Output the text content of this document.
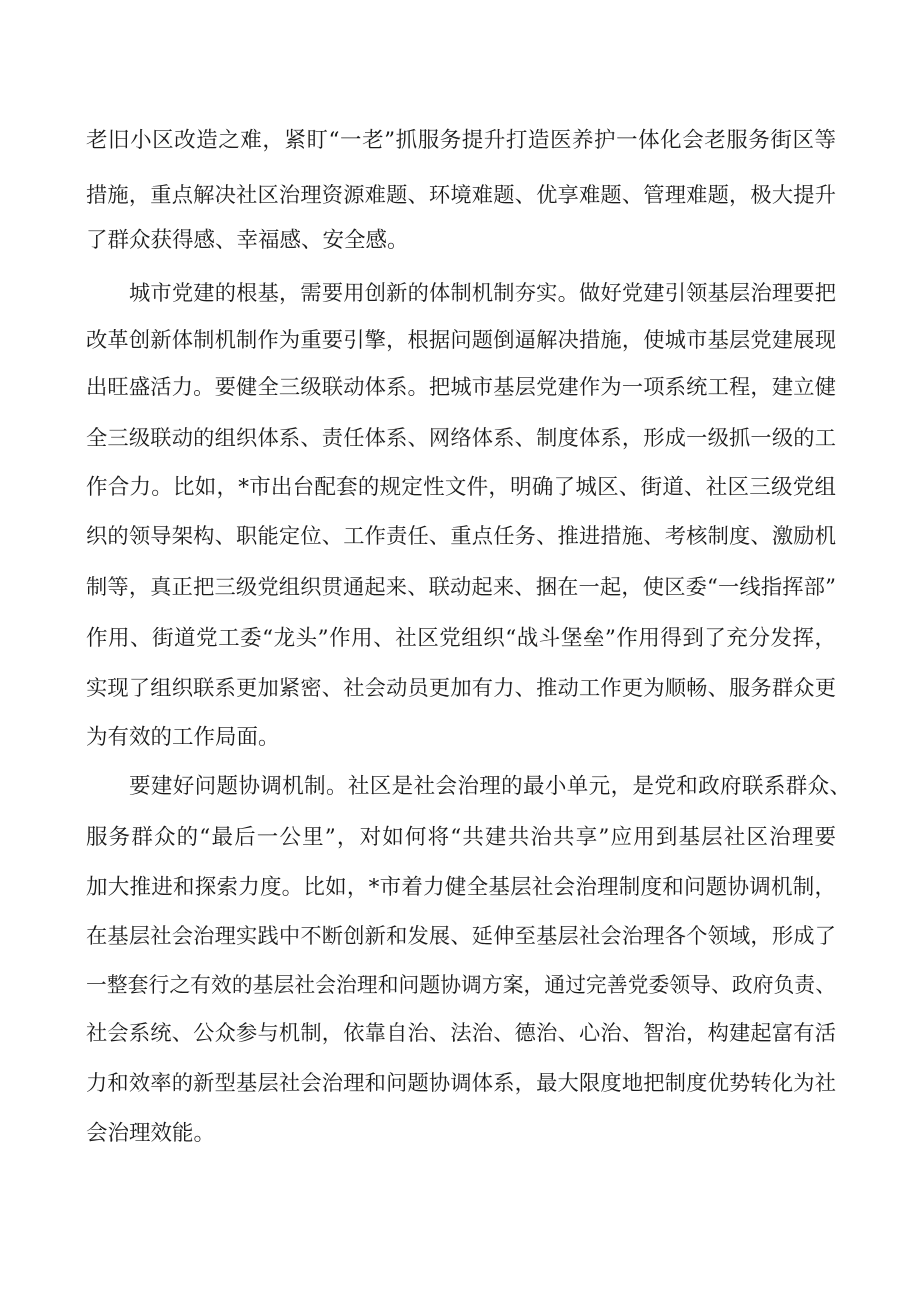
老旧小区改造之难，紧盯“一老”抓服务提升打造医养护一体化会老服务街区等
措施，重点解决社区治理资源难题、环境难题、优享难题、管理难题，极大提升
了群众获得感、幸福感、安全感。
城市党建的根基，需要用创新的体制机制夯实。做好党建引领基层治理要把
改革创新体制机制作为重要引擎，根据问题倒逼解决措施，使城市基层党建展现
出旺盛活力。要健全三级联动体系。把城市基层党建作为一项系统工程，建立健
全三级联动的组织体系、责任体系、网络体系、制度体系，形成一级抓一级的工
作合力。比如，*市出台配套的规定性文件，明确了城区、街道、社区三级党组
织的领导架构、职能定位、工作责任、重点任务、推进措施、考核制度、激励机
制等，真正把三级党组织贯通起来、联动起来、捆在一起，使区委“一线指挥部”
作用、街道党工委“龙头”作用、社区党组织“战斗堡垒”作用得到了充分发挥，
实现了组织联系更加紧密、社会动员更加有力、推动工作更为顺畅、服务群众更
为有效的工作局面。
要建好问题协调机制。社区是社会治理的最小单元，是党和政府联系群众、
服务群众的“最后一公里”，对如何将“共建共治共享”应用到基层社区治理要
加大推进和探索力度。比如，*市着力健全基层社会治理制度和问题协调机制，
在基层社会治理实践中不断创新和发展、延伸至基层社会治理各个领域，形成了
一整套行之有效的基层社会治理和问题协调方案，通过完善党委领导、政府负责、
社会系统、公众参与机制，依靠自治、法治、德治、心治、智治，构建起富有活
力和效率的新型基层社会治理和问题协调体系，最大限度地把制度优势转化为社
会治理效能。
